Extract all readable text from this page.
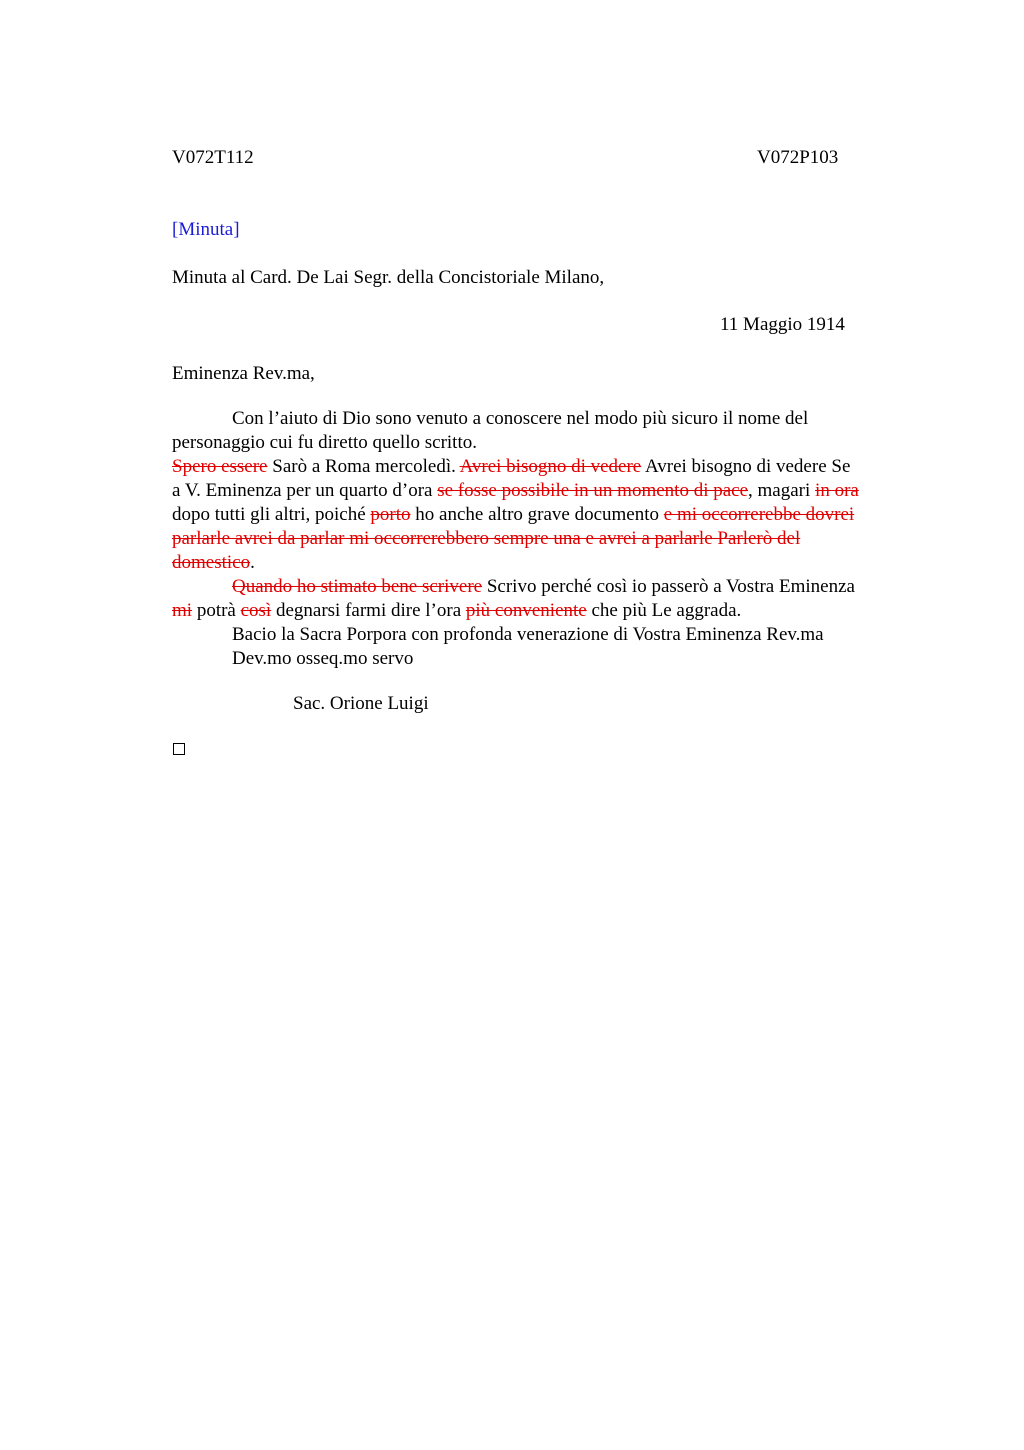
V072T112	V072P103
[Minuta]
Minuta al Card. De Lai Segr. della Concistoriale Milano,
11 Maggio 1914
Eminenza Rev.ma,
Con l’aiuto di Dio sono venuto a conoscere nel modo più sicuro il nome del
personaggio cui fu diretto quello scritto.
Spero essere Sarò a Roma mercoledì. Avrei bisogno di vedere Avrei bisogno di vedere Se
a V. Eminenza per un quarto d’ora se fosse possibile in un momento di pace, magari in ora
dopo tutti gli altri, poiché porto ho anche altro grave documento e mi occorrerebbe dovrei
parlarle avrei da parlar mi occorrerebbero sempre una e avrei a parlarle Parlerò del
domestico.
Quando ho stimato bene scrivere Scrivo perché così io passerò a Vostra Eminenza
mi potrà così degnarsi farmi dire l’ora più conveniente che più Le aggrada.
Bacio la Sacra Porpora con profonda venerazione di Vostra Eminenza Rev.ma
Dev.mo osseq.mo servo
Sac. Orione Luigi
